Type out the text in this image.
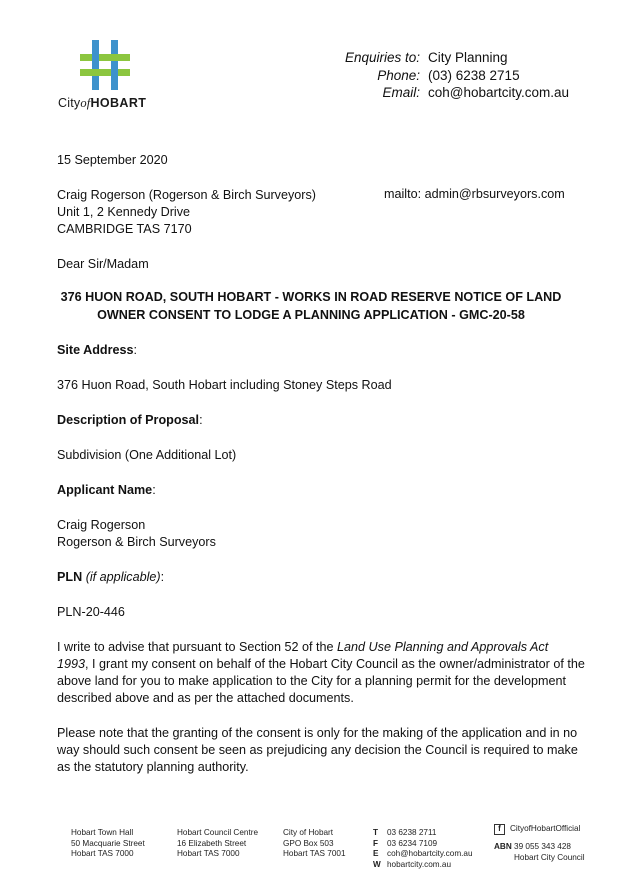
CityofHOBART
Enquiries to:
Phone:
Email:
City Planning
(03) 6238 2715
coh@hobartcity.com.au
15 September 2020
Craig Rogerson (Rogerson & Birch Surveyors)	mailto: admin@rbsurveyors.com
Unit 1, 2 Kennedy Drive
CAMBRIDGE TAS 7170
Dear Sir/Madam
376 HUON ROAD, SOUTH HOBART - WORKS IN ROAD RESERVE NOTICE OF LAND
OWNER CONSENT TO LODGE A PLANNING APPLICATION - GMC-20-58
Site Address:
376 Huon Road, South Hobart including Stoney Steps Road
Description of Proposal:
Subdivision (One Additional Lot)
Applicant Name:
Craig Rogerson
Rogerson & Birch Surveyors
PLN (if applicable):
PLN-20-446
I write to advise that pursuant to Section 52 of the Land Use Planning and Approvals Act
1993, I grant my consent on behalf of the Hobart City Council as the owner/administrator of the
above land for you to make application to the City for a planning permit for the development
described above and as per the attached documents.
Please note that the granting of the consent is only for the making of the application and in no
way should such consent be seen as prejudicing any decision the Council is required to make
as the statutory planning authority.
Hobart Town Hall
50 Macquarie Street
Hobart TAS 7000
Hobart Council Centre
16 Elizabeth Street
Hobart TAS 7000
City of Hobart
GPO Box 503
Hobart TAS 7001
T 03 6238 2711
F 03 6234 7109
E coh@hobartcity.com.au
W hobartcity.com.au
f	CityofHobartOfficial
ABN 39 055 343 428
Hobart City Council
